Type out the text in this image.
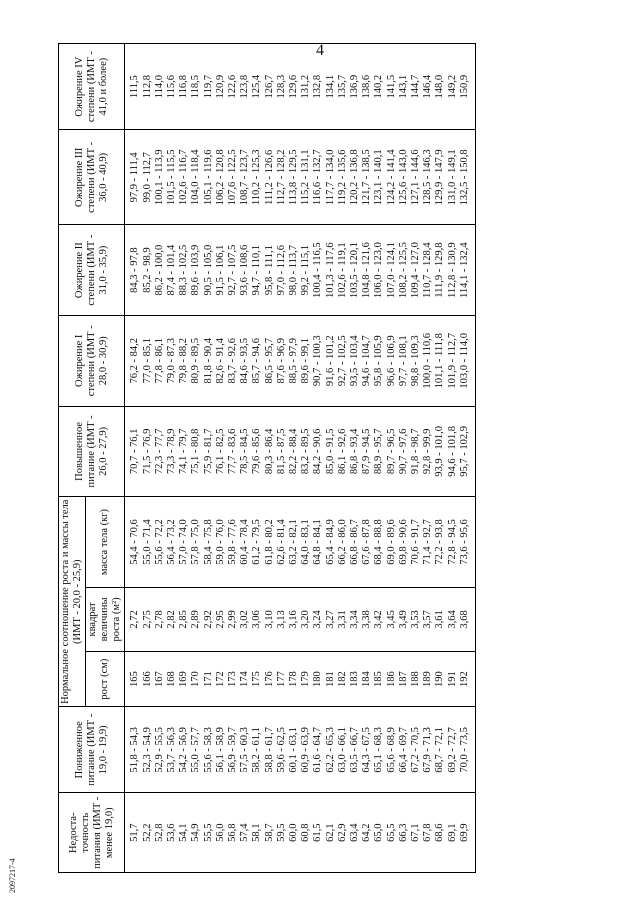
4
Недоста-точность питания (ИМТ - менее 19,0)	Пониженное питание (ИМТ - 19,0 - 19,9)	Нормальное соотношение роста и массы тела (ИМТ - 20,0 - 25,9)			Повышенное питание (ИМТ - 26,0 - 27,9)	Ожирение I степени (ИМТ - 28,0 - 30,9)	Ожирение II степени (ИМТ - 31,0 - 35,9)	Ожирение III степени (ИМТ - 36,0 - 40,9)	Ожирение IV степени (ИМТ - 41,0 и более)
		рост (см)	квадрат величины роста (м²)	масса тела (кг)					
51,7	51,8 - 54,3	165	2,72	54,4 - 70,6	70,7 - 76,1	76,2 - 84,2	84,3 - 97,8	97,9 - 111,4	111,5
52,2	52,3 - 54,9	166	2,75	55,0 - 71,4	71,5 - 76,9	77,0 - 85,1	85,2 - 98,9	99,0 - 112,7	112,8
52,8	52,9 - 55,5	167	2,78	55,6 - 72,2	72,3 - 77,7	77,8 - 86,1	86,2 - 100,0	100,1 - 113,9	114,0
53,6	53,7 - 56,3	168	2,82	56,4 - 73,2	73,3 - 78,9	79,0 - 87,3	87,4 - 101,4	101,5 - 115,5	115,6
54,1	54,2 - 56,9	169	2,85	57,0 - 74,0	74,1 - 79,7	79,8 - 88,2	88,3 - 102,5	102,6 - 116,7	116,8
54,9	55,0 - 57,7	170	2,89	57,8 - 75,0	75,1 - 80,8	80,9 - 89,5	89,6 - 103,9	104,0 - 118,4	118,5
55,5	55,6 - 58,3	171	2,92	58,4 - 75,8	75,9 - 81,7	81,8 - 90,4	90,5 - 105,0	105,1 - 119,6	119,7
56,0	56,1 - 58,9	172	2,95	59,0 - 76,0	76,1 - 82,5	82,6 - 91,4	91,5 - 106,1	106,2 - 120,8	120,9
56,8	56,9 - 59,7	173	2,99	59,8 - 77,6	77,7 - 83,6	83,7 - 92,6	92,7 - 107,5	107,6 - 122,5	122,6
57,4	57,5 - 60,3	174	3,02	60,4 - 78,4	78,5 - 84,5	84,6 - 93,5	93,6 - 108,6	108,7 - 123,7	123,8
58,1	58,2 - 61,1	175	3,06	61,2 - 79,5	79,6 - 85,6	85,7 - 94,6	94,7 - 110,1	110,2 - 125,3	125,4
58,7	58,8 - 61,7	176	3,10	61,8 - 80,2	80,3 - 86,4	86,5 - 95,7	95,8 - 111,1	111,2 - 126,6	126,7
59,5	59,6 - 62,5	177	3,13	62,6 - 81,4	81,5 - 87,5	87,6 - 96,9	97,0 - 112,6	112,7 - 128,2	128,3
60,0	60,1 - 63,1	178	3,16	63,2 - 82,1	82,2 - 88,4	88,5 - 97,9	98,0 - 113,7	113,8 - 129,5	129,6
60,8	60,9 - 63,9	179	3,20	64,0 - 83,1	83,2 - 89,5	89,6 - 99,1	99,2 - 115,1	115,2 - 131,1	131,2
61,5	61,6 - 64,7	180	3,24	64,8 - 84,1	84,2 - 90,6	90,7 - 100,3	100,4 - 116,5	116,6 - 132,7	132,8
62,1	62,2 - 65,3	181	3,27	65,4 - 84,9	85,0 - 91,5	91,6 - 101,2	101,3 - 117,6	117,7 - 134,0	134,1
62,9	63,0 - 66,1	182	3,31	66,2 - 86,0	86,1 - 92,6	92,7 - 102,5	102,6 - 119,1	119,2 - 135,6	135,7
63,4	63,5 - 66,7	183	3,34	66,8 - 86,7	86,8 - 93,4	93,5 - 103,4	103,5 - 120,1	120,2 - 136,8	136,9
64,2	64,3 - 67,5	184	3,38	67,6 - 87,8	87,9 - 94,5	94,6 - 104,7	104,8 - 121,6	121,7 - 138,5	138,6
65,0	65,1 - 68,3	185	3,42	68,4 - 88,8	88,9 - 95,7	95,8 - 105,9	106,0 - 123,0	123,1 - 140,1	140,2
65,5	65,6 - 68,9	186	3,45	69,0 - 89,6	89,7 - 96,5	96,6 - 106,9	107,0 - 124,1	124,2 - 141,4	141,5
66,3	66,4 - 69,7	187	3,49	69,8 - 90,6	90,7 - 97,6	97,7 - 108,1	108,2 - 125,5	125,6 - 143,0	143,1
67,1	67,2 - 70,5	188	3,53	70,6 - 91,7	91,8 - 98,7	98,8 - 109,3	109,4 - 127,0	127,1 - 144,6	144,7
67,8	67,9 - 71,3	189	3,57	71,4 - 92,7	92,8 - 99,9	100,0 - 110,6	110,7 - 128,4	128,5 - 146,3	146,4
68,6	68,7 - 72,1	190	3,61	72,2 - 93,8	93,9 - 101,0	101,1 - 111,8	111,9 - 129,8	129,9 - 147,9	148,0
69,1	69,2 - 72,7	191	3,64	72,8 - 94,5	94,6 - 101,8	101,9 - 112,7	112,8 - 130,9	131,0 - 149,1	149,2
69,9	70,0 - 73,5	192	3,68	73,6 - 95,6	95,7 - 102,9	103,0 - 114,0	114,1 - 132,4	132,5 - 150,8	150,9
2097217-4
